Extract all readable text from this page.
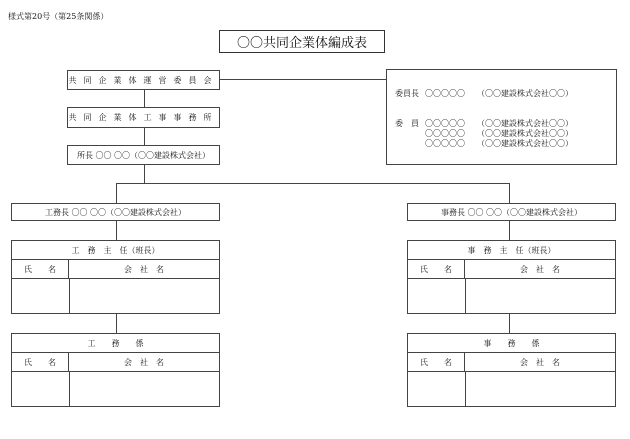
様式第20号（第25条関係）
〇〇共同企業体編成表
共同企業体運営委員会
共同企業体工事事務所
所長 〇〇 〇〇（〇〇建設株式会社）
委員長 〇〇〇〇〇 （〇〇建設株式会社〇〇）
委　員 〇〇〇〇〇 （〇〇建設株式会社〇〇）
〇〇〇〇〇 （〇〇建設株式会社〇〇）
〇〇〇〇〇 （〇〇建設株式会社〇〇）
工務長 〇〇 〇〇（〇〇建設株式会社）
工　務　主　任（班長）
氏　　名	会　社　名
工　　務　　係
氏　　名	会　社　名
事務長 〇〇 〇〇（〇〇建設株式会社）
事　務　主　任（班長）
氏　　名	会　社　名
事　　務　　係
氏　　名	会　社　名
